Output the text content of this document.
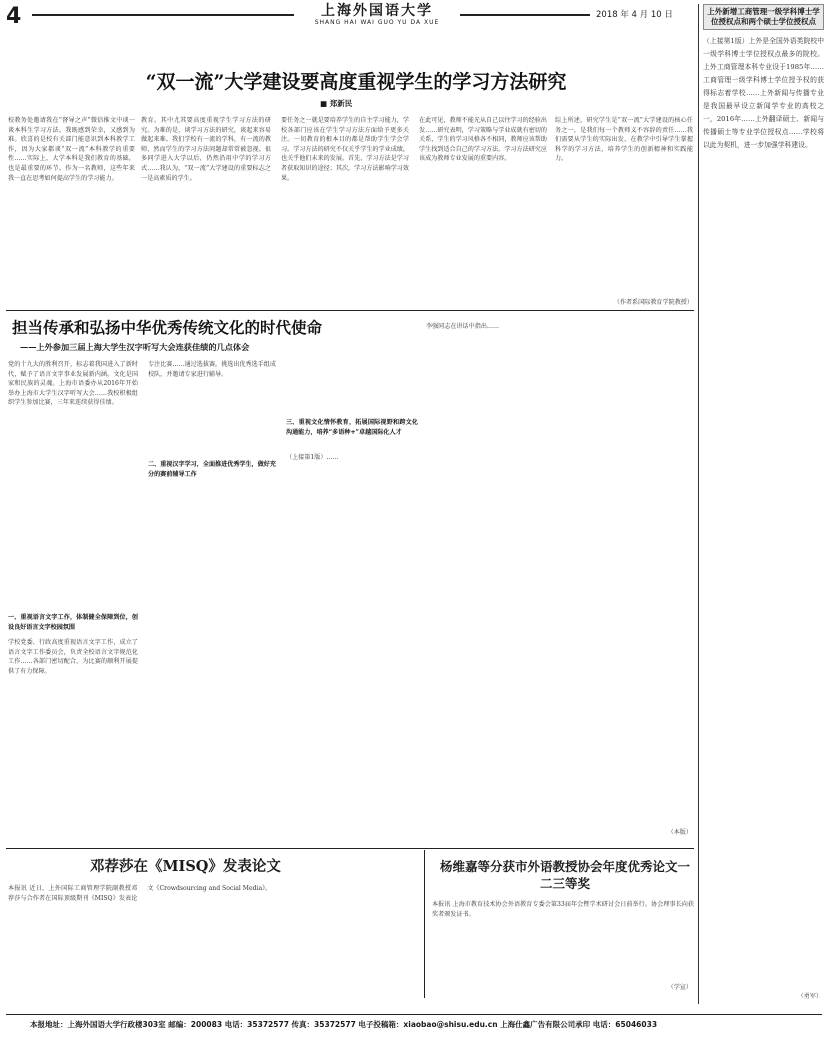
4	上海外国语大学
SHANG HAI WAI GUO YU DA XUE
2018 年 4 月 10 日	上外新增工商管理一级学科博士学位授权点和两个硕士学位授权点
（上接第1版）上外是全国外语类院校中一级学科博士学位授权点最多的院校。上外工商管理本科专业设于1985年……工商管理一级学科博士学位授予权的获得标志着学校……上外新闻与传播专业是我国最早设立新闻学专业的高校之一，2016年……上外翻译硕士、新闻与传播硕士等专业学位授权点……学校将以此为契机，进一步加强学科建设。
（勇军）
“双一流”大学建设要高度重视学生的学习方法研究
■ 郑新民
校教务处邀请我在“督导之声”微信推文中谈一谈本科生学习方法。我既感到荣幸，又感到为难。欣喜的是校有关部门能意识到本科教学工作，因为大家都谈“双一流”本科教学的重要性……实际上，大学本科是我们教育的基础，也是最重要的环节。作为一名教师，这些年来我一直在思考如何提高学生的学习能力。
教育。其中尤其要高度重视学生学习方法的研究。为难的是，谈学习方法的研究，谈起来容易做起来难。我们学校有一流的学科，有一流的教师，然而学生的学习方法问题却常常被忽视。很多同学进入大学以后，仍然沿用中学的学习方式……我认为，“双一流”大学建设的重要标志之一是高素质的学生。
要任务之一就是要培养学生的自主学习能力，学校各部门应该在学生学习方法方面给予更多关注。一切教育的根本目的都是帮助学生学会学习。学习方法的研究不仅关乎学生的学业成绩，也关乎他们未来的发展。首先，学习方法是学习者获取知识的途径；其次，学习方法影响学习效果。
在此可见，教师不能光从自己以往学习的经验出发……研究表明，学习策略与学业成就有密切的关系，学生的学习风格各不相同，教师应该帮助学生找到适合自己的学习方法。学习方法研究应该成为教师专业发展的重要内容。
综上所述，研究学生是“双一流”大学建设的核心任务之一，是我们每一个教师义不容辞的责任……我们需要从学生的实际出发，在教学中引导学生掌握科学的学习方法，培养学生的创新精神和实践能力。
（作者系国际教育学院教授）
担当传承和弘扬中华优秀传统文化的时代使命
——上外参加三届上海大学生汉字听写大会连获佳绩的几点体会
党的十九大的胜利召开，标志着我国进入了新时代，赋予了语言文字事业发展新内涵。文化是国家和民族的灵魂。上海市语委办从2016年开始举办上海市大学生汉字听写大会……我校积极组织学生参加比赛，三年来连续获得佳绩。
一、重视语言文字工作，体制健全保障到位，创设良好语言文字校园氛围
学校党委、行政高度重视语言文字工作，成立了语言文字工作委员会，负责全校语言文字规范化工作……各部门密切配合，为比赛的顺利开展提供了有力保障。
专注比赛……通过选拔赛，挑选出优秀选手组成校队，并邀请专家进行辅导。
二、重视汉字学习，全面推进优秀学生，做好充分的赛前辅导工作
三、重视文化情怀教育，拓展国际视野和跨文化沟通能力，培养“多语种+”卓越国际化人才
（上接第1版）……
李强同志在讲话中指出……
（本版）
邓荐莎在《MISQ》发表论文
本报讯 近日，上外国际工商管理学院副教授邓荐莎与合作者在国际顶级期刊《MISQ》发表论文《Crowdsourcing and Social Media》。
杨维嘉等分获市外语教授协会年度优秀论文一二三等奖
本报讯 上海市教育技术协会外语教育专委会第33届年会暨学术研讨会日前举行。协会理事长向获奖者颁发证书。
（学宣）
本报地址：上海外国语大学行政楼303室 邮编：200083 电话：35372577 传真：35372577 电子投稿箱：xiaobao@shisu.edu.cn 上海仕鑫广告有限公司承印 电话：65046033
